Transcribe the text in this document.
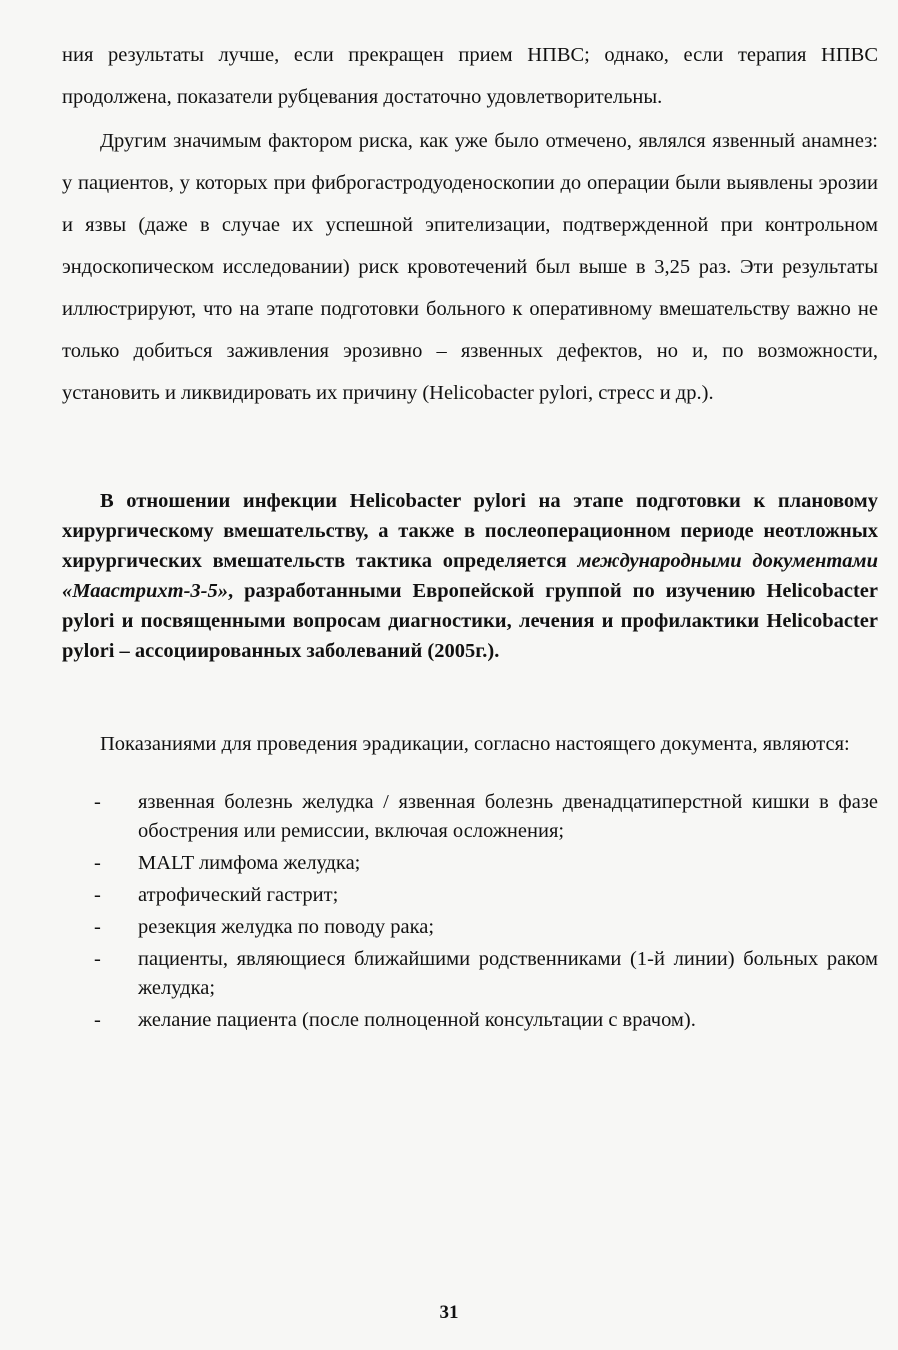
ния результаты лучше, если прекращен прием НПВС; однако, если терапия НПВС продолжена, показатели рубцевания достаточно удовлетворительны.
Другим значимым фактором риска, как уже было отмечено, являлся язвенный анамнез: у пациентов, у которых при фиброгастродуоденоскопии до операции были выявлены эрозии и язвы (даже в случае их успешной эпителизации, подтвержденной при контрольном эндоскопическом исследовании) риск кровотечений был выше в 3,25 раз. Эти результаты иллюстрируют, что на этапе подготовки больного к оперативному вмешательству важно не только добиться заживления эрозивно – язвенных дефектов, но и, по возможности, установить и ликвидировать их причину (Helicobacter pylori, стресс и др.).
В отношении инфекции Helicobacter pylori на этапе подготовки к плановому хирургическому вмешательству, а также в послеоперационном периоде неотложных хирургических вмешательств тактика определяется международными документами «Маастрихт-3-5», разработанными Европейской группой по изучению Helicobacter pylori и посвященными вопросам диагностики, лечения и профилактики Helicobacter pylori – ассоциированных заболеваний (2005г.).
Показаниями для проведения эрадикации, согласно настоящего документа, являются:
- язвенная болезнь желудка / язвенная болезнь двенадцатиперстной кишки в фазе обострения или ремиссии, включая осложнения;
- MALT лимфома желудка;
- атрофический гастрит;
- резекция желудка по поводу рака;
- пациенты, являющиеся ближайшими родственниками (1-й линии) больных раком желудка;
- желание пациента (после полноценной консультации с врачом).
31
